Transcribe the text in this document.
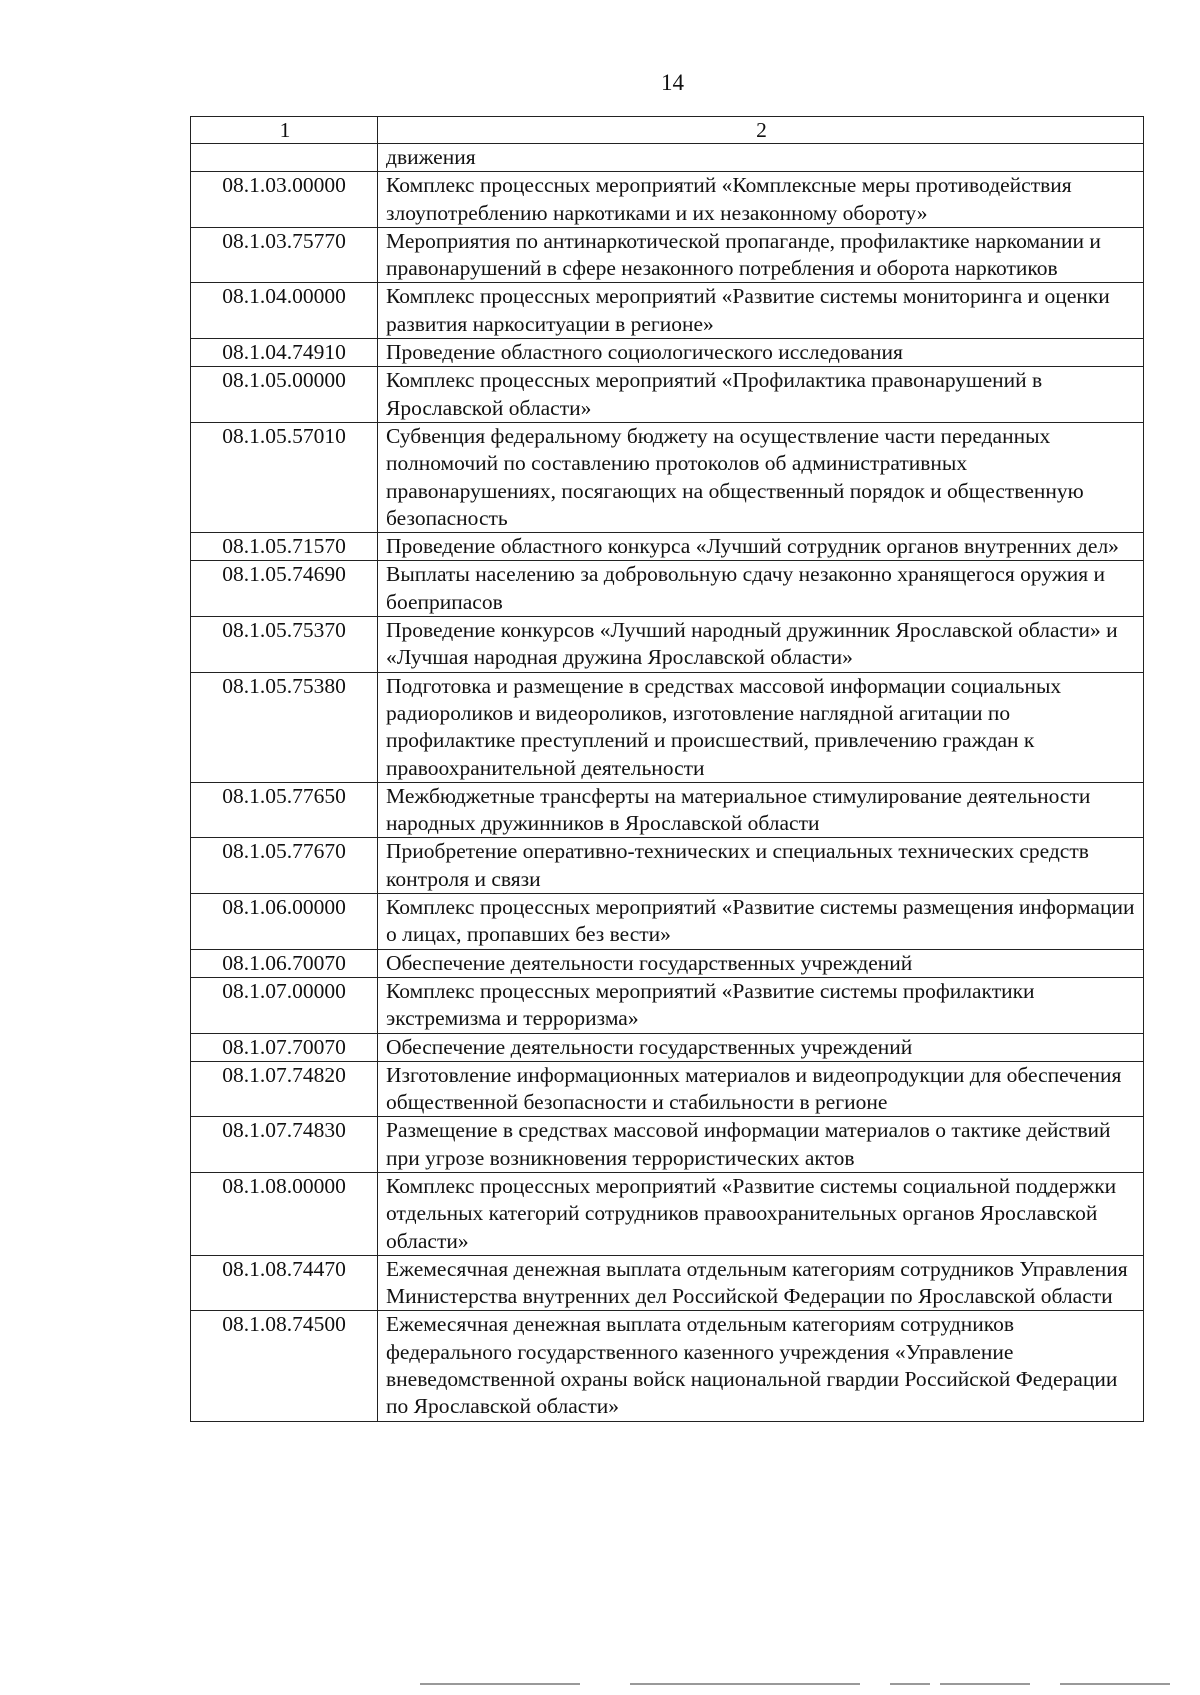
14
1	2
	движения
08.1.03.00000	Комплекс процессных мероприятий «Комплексные меры противодействия злоупотреблению наркотиками и их незаконному обороту»
08.1.03.75770	Мероприятия по антинаркотической пропаганде, профилактике наркомании и правонарушений в сфере незаконного потребления и оборота наркотиков
08.1.04.00000	Комплекс процессных мероприятий «Развитие системы мониторинга и оценки развития наркоситуации в регионе»
08.1.04.74910	Проведение областного социологического исследования
08.1.05.00000	Комплекс процессных мероприятий «Профилактика правонарушений в Ярославской области»
08.1.05.57010	Субвенция федеральному бюджету на осуществление части переданных полномочий по составлению протоколов об административных правонарушениях, посягающих на общественный порядок и общественную безопасность
08.1.05.71570	Проведение областного конкурса «Лучший сотрудник органов внутренних дел»
08.1.05.74690	Выплаты населению за добровольную сдачу незаконно хранящегося оружия и боеприпасов
08.1.05.75370	Проведение конкурсов «Лучший народный дружинник Ярославской области» и «Лучшая народная дружина Ярославской области»
08.1.05.75380	Подготовка и размещение в средствах массовой информации социальных радиороликов и видеороликов, изготовление наглядной агитации по профилактике преступлений и происшествий, привлечению граждан к правоохранительной деятельности
08.1.05.77650	Межбюджетные трансферты на материальное стимулирование деятельности народных дружинников в Ярославской области
08.1.05.77670	Приобретение оперативно-технических и специальных технических средств контроля и связи
08.1.06.00000	Комплекс процессных мероприятий «Развитие системы размещения информации о лицах, пропавших без вести»
08.1.06.70070	Обеспечение деятельности государственных учреждений
08.1.07.00000	Комплекс процессных мероприятий «Развитие системы профилактики экстремизма и терроризма»
08.1.07.70070	Обеспечение деятельности государственных учреждений
08.1.07.74820	Изготовление информационных материалов и видеопродукции для обеспечения общественной безопасности и стабильности в регионе
08.1.07.74830	Размещение в средствах массовой информации материалов о тактике действий при угрозе возникновения террористических актов
08.1.08.00000	Комплекс процессных мероприятий «Развитие системы социальной поддержки отдельных категорий сотрудников правоохранительных органов Ярославской области»
08.1.08.74470	Ежемесячная денежная выплата отдельным категориям сотрудников Управления Министерства внутренних дел Российской Федерации по Ярославской области
08.1.08.74500	Ежемесячная денежная выплата отдельным категориям сотрудников федерального государственного казенного учреждения «Управление вневедомственной охраны войск национальной гвардии Российской Федерации по Ярославской области»
